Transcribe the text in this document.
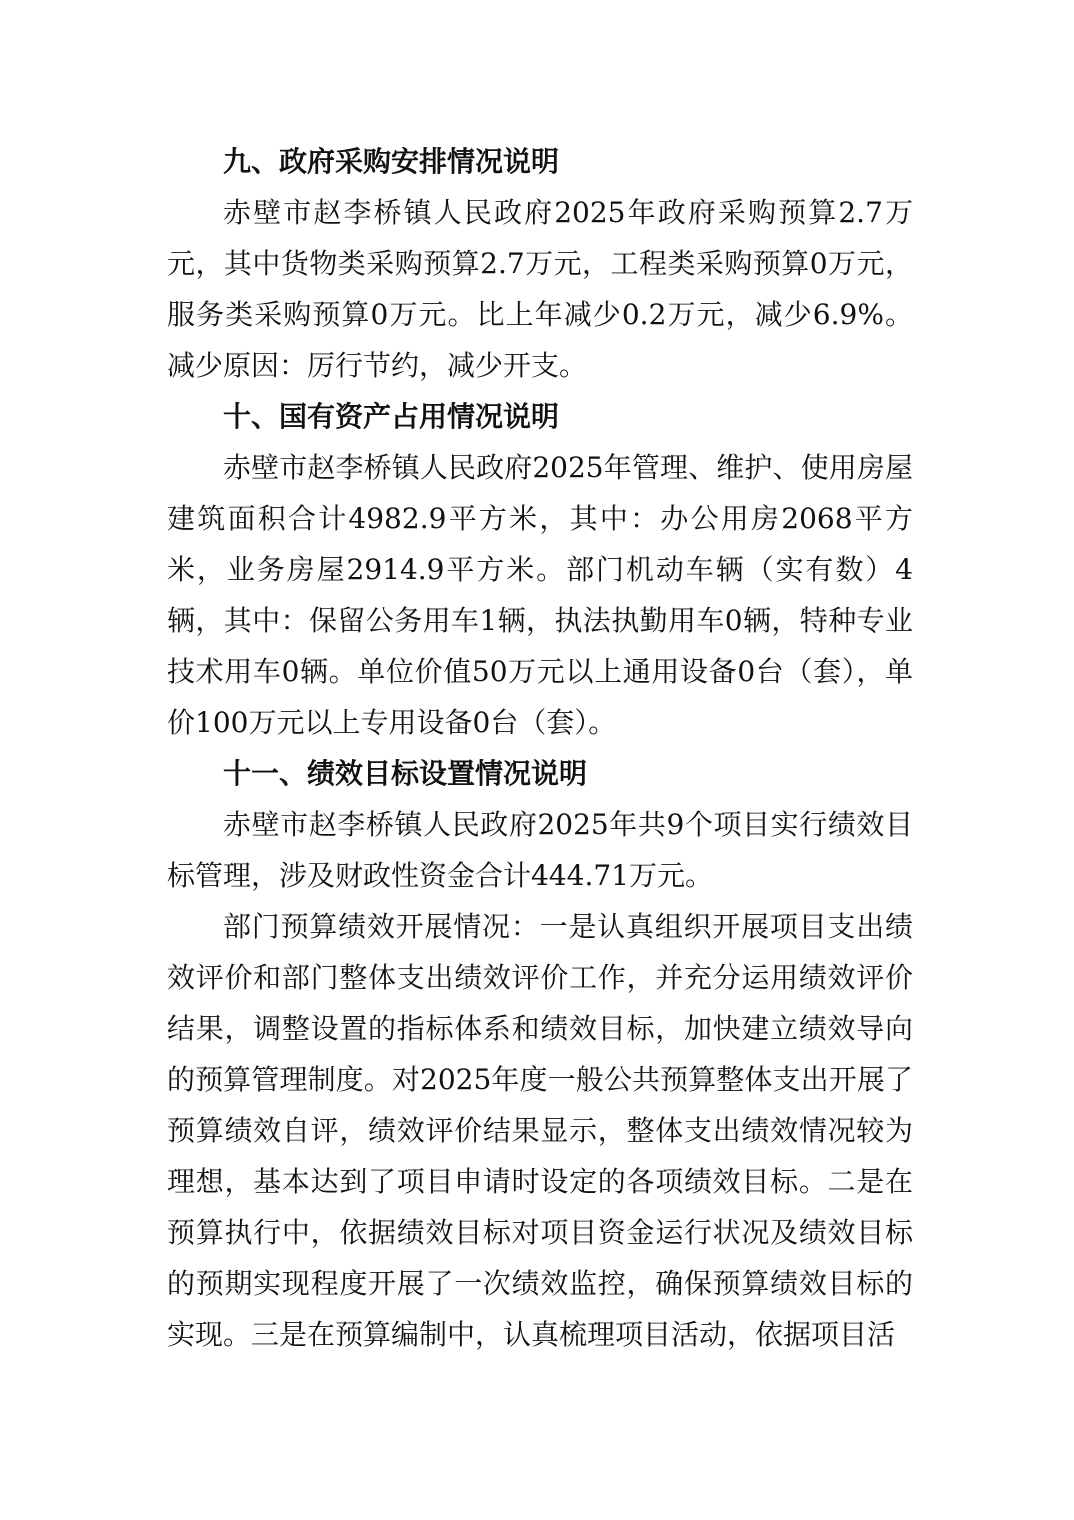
九、政府采购安排情况说明

赤壁市赵李桥镇人民政府2025年政府采购预算2.7万元，其中货物类采购预算2.7万元，工程类采购预算0万元，服务类采购预算0万元。比上年减少0.2万元，减少6.9%。减少原因：厉行节约，减少开支。

十、国有资产占用情况说明

赤壁市赵李桥镇人民政府2025年管理、维护、使用房屋建筑面积合计4982.9平方米，其中：办公用房2068平方米，业务房屋2914.9平方米。部门机动车辆（实有数）4辆，其中：保留公务用车1辆，执法执勤用车0辆，特种专业技术用车0辆。单位价值50万元以上通用设备0台（套），单价100万元以上专用设备0台（套）。

十一、绩效目标设置情况说明

赤壁市赵李桥镇人民政府2025年共9个项目实行绩效目标管理，涉及财政性资金合计444.71万元。

部门预算绩效开展情况：一是认真组织开展项目支出绩效评价和部门整体支出绩效评价工作，并充分运用绩效评价结果，调整设置的指标体系和绩效目标，加快建立绩效导向的预算管理制度。对2025年度一般公共预算整体支出开展了预算绩效自评，绩效评价结果显示，整体支出绩效情况较为理想，基本达到了项目申请时设定的各项绩效目标。二是在预算执行中，依据绩效目标对项目资金运行状况及绩效目标的预期实现程度开展了一次绩效监控，确保预算绩效目标的实现。三是在预算编制中，认真梳理项目活动，依据项目活
